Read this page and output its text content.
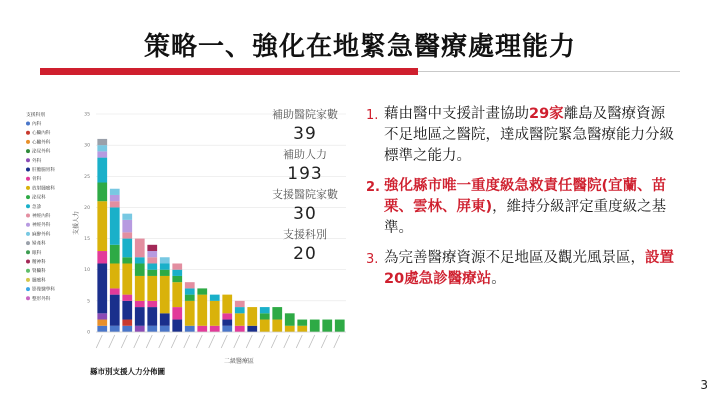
策略一、強化在地緊急醫療處理能力
0
5
10
15
20
25
30
35
支援人力
支援科別
內科
心臟內科
心臟外科
泌尿外科
外科
肝膽腸胃科
骨科
放射腫瘤科
泌尿科
急診
神經內科
神經外科
麻醉外科
婦產科
眼科
精神科
腎臟科
腫瘤科
影像醫學科
整形外科
二級醫療區
縣市別支援人力分佈圖
補助醫院家數
39
補助人力
193
支援醫院家數
30
支援科別
20
1. 藉由醫中支援計畫協助29家離島及醫療資源不足地區之醫院，達成醫院緊急醫療能力分級標準之能力。
2. 強化縣市唯一重度級急救責任醫院(宜蘭、苗栗、雲林、屏東)，維持分級評定重度級之基準。
3. 為完善醫療資源不足地區及觀光風景區，設置20處急診醫療站。
3
